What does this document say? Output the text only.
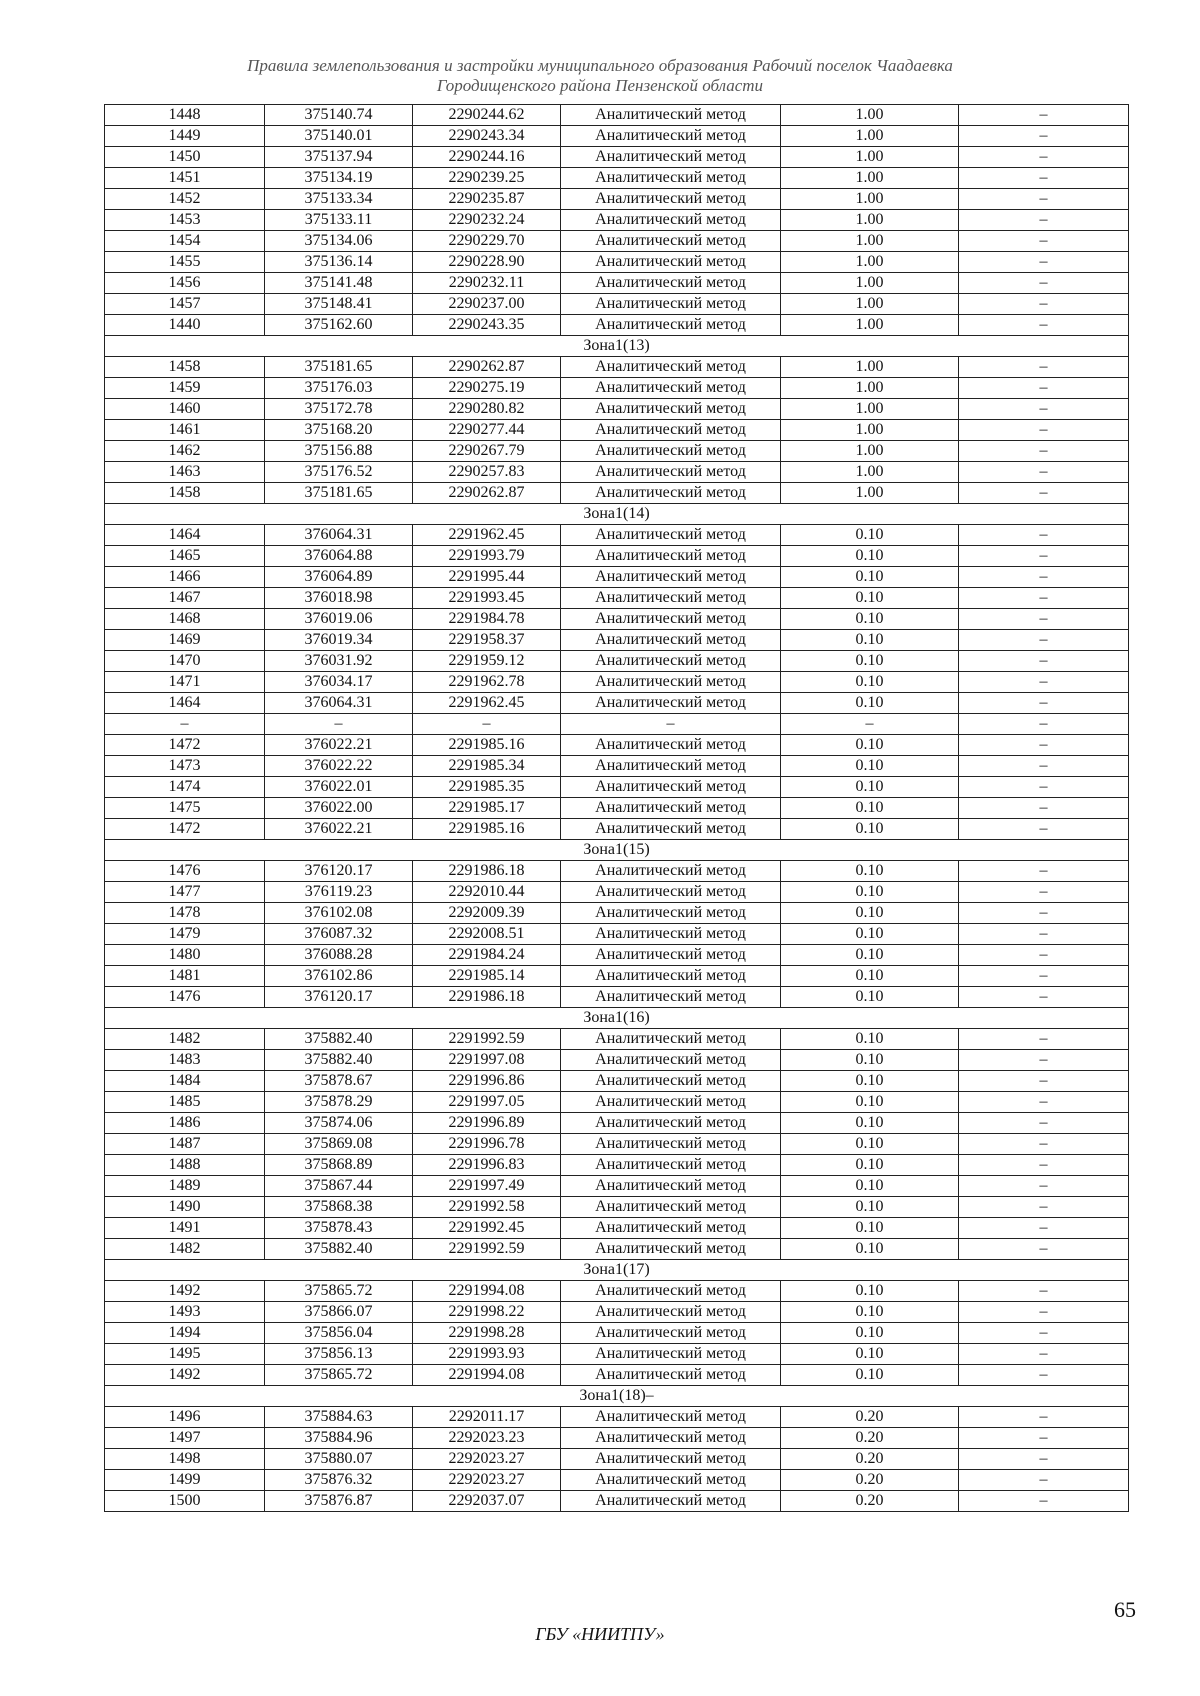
Правила землепользования и застройки муниципального образования Рабочий поселок Чаадаевка
Городищенского района Пензенской области
1448	375140.74	2290244.62	Аналитический метод	1.00	–
1449	375140.01	2290243.34	Аналитический метод	1.00	–
1450	375137.94	2290244.16	Аналитический метод	1.00	–
1451	375134.19	2290239.25	Аналитический метод	1.00	–
1452	375133.34	2290235.87	Аналитический метод	1.00	–
1453	375133.11	2290232.24	Аналитический метод	1.00	–
1454	375134.06	2290229.70	Аналитический метод	1.00	–
1455	375136.14	2290228.90	Аналитический метод	1.00	–
1456	375141.48	2290232.11	Аналитический метод	1.00	–
1457	375148.41	2290237.00	Аналитический метод	1.00	–
1440	375162.60	2290243.35	Аналитический метод	1.00	–
Зона1(13)					
1458	375181.65	2290262.87	Аналитический метод	1.00	–
1459	375176.03	2290275.19	Аналитический метод	1.00	–
1460	375172.78	2290280.82	Аналитический метод	1.00	–
1461	375168.20	2290277.44	Аналитический метод	1.00	–
1462	375156.88	2290267.79	Аналитический метод	1.00	–
1463	375176.52	2290257.83	Аналитический метод	1.00	–
1458	375181.65	2290262.87	Аналитический метод	1.00	–
Зона1(14)					
1464	376064.31	2291962.45	Аналитический метод	0.10	–
1465	376064.88	2291993.79	Аналитический метод	0.10	–
1466	376064.89	2291995.44	Аналитический метод	0.10	–
1467	376018.98	2291993.45	Аналитический метод	0.10	–
1468	376019.06	2291984.78	Аналитический метод	0.10	–
1469	376019.34	2291958.37	Аналитический метод	0.10	–
1470	376031.92	2291959.12	Аналитический метод	0.10	–
1471	376034.17	2291962.78	Аналитический метод	0.10	–
1464	376064.31	2291962.45	Аналитический метод	0.10	–
–	–	–	–	–	–
1472	376022.21	2291985.16	Аналитический метод	0.10	–
1473	376022.22	2291985.34	Аналитический метод	0.10	–
1474	376022.01	2291985.35	Аналитический метод	0.10	–
1475	376022.00	2291985.17	Аналитический метод	0.10	–
1472	376022.21	2291985.16	Аналитический метод	0.10	–
Зона1(15)					
1476	376120.17	2291986.18	Аналитический метод	0.10	–
1477	376119.23	2292010.44	Аналитический метод	0.10	–
1478	376102.08	2292009.39	Аналитический метод	0.10	–
1479	376087.32	2292008.51	Аналитический метод	0.10	–
1480	376088.28	2291984.24	Аналитический метод	0.10	–
1481	376102.86	2291985.14	Аналитический метод	0.10	–
1476	376120.17	2291986.18	Аналитический метод	0.10	–
Зона1(16)					
1482	375882.40	2291992.59	Аналитический метод	0.10	–
1483	375882.40	2291997.08	Аналитический метод	0.10	–
1484	375878.67	2291996.86	Аналитический метод	0.10	–
1485	375878.29	2291997.05	Аналитический метод	0.10	–
1486	375874.06	2291996.89	Аналитический метод	0.10	–
1487	375869.08	2291996.78	Аналитический метод	0.10	–
1488	375868.89	2291996.83	Аналитический метод	0.10	–
1489	375867.44	2291997.49	Аналитический метод	0.10	–
1490	375868.38	2291992.58	Аналитический метод	0.10	–
1491	375878.43	2291992.45	Аналитический метод	0.10	–
1482	375882.40	2291992.59	Аналитический метод	0.10	–
Зона1(17)					
1492	375865.72	2291994.08	Аналитический метод	0.10	–
1493	375866.07	2291998.22	Аналитический метод	0.10	–
1494	375856.04	2291998.28	Аналитический метод	0.10	–
1495	375856.13	2291993.93	Аналитический метод	0.10	–
1492	375865.72	2291994.08	Аналитический метод	0.10	–
Зона1(18)–					
1496	375884.63	2292011.17	Аналитический метод	0.20	–
1497	375884.96	2292023.23	Аналитический метод	0.20	–
1498	375880.07	2292023.27	Аналитический метод	0.20	–
1499	375876.32	2292023.27	Аналитический метод	0.20	–
1500	375876.87	2292037.07	Аналитический метод	0.20	–
65
ГБУ «НИИТПУ»
